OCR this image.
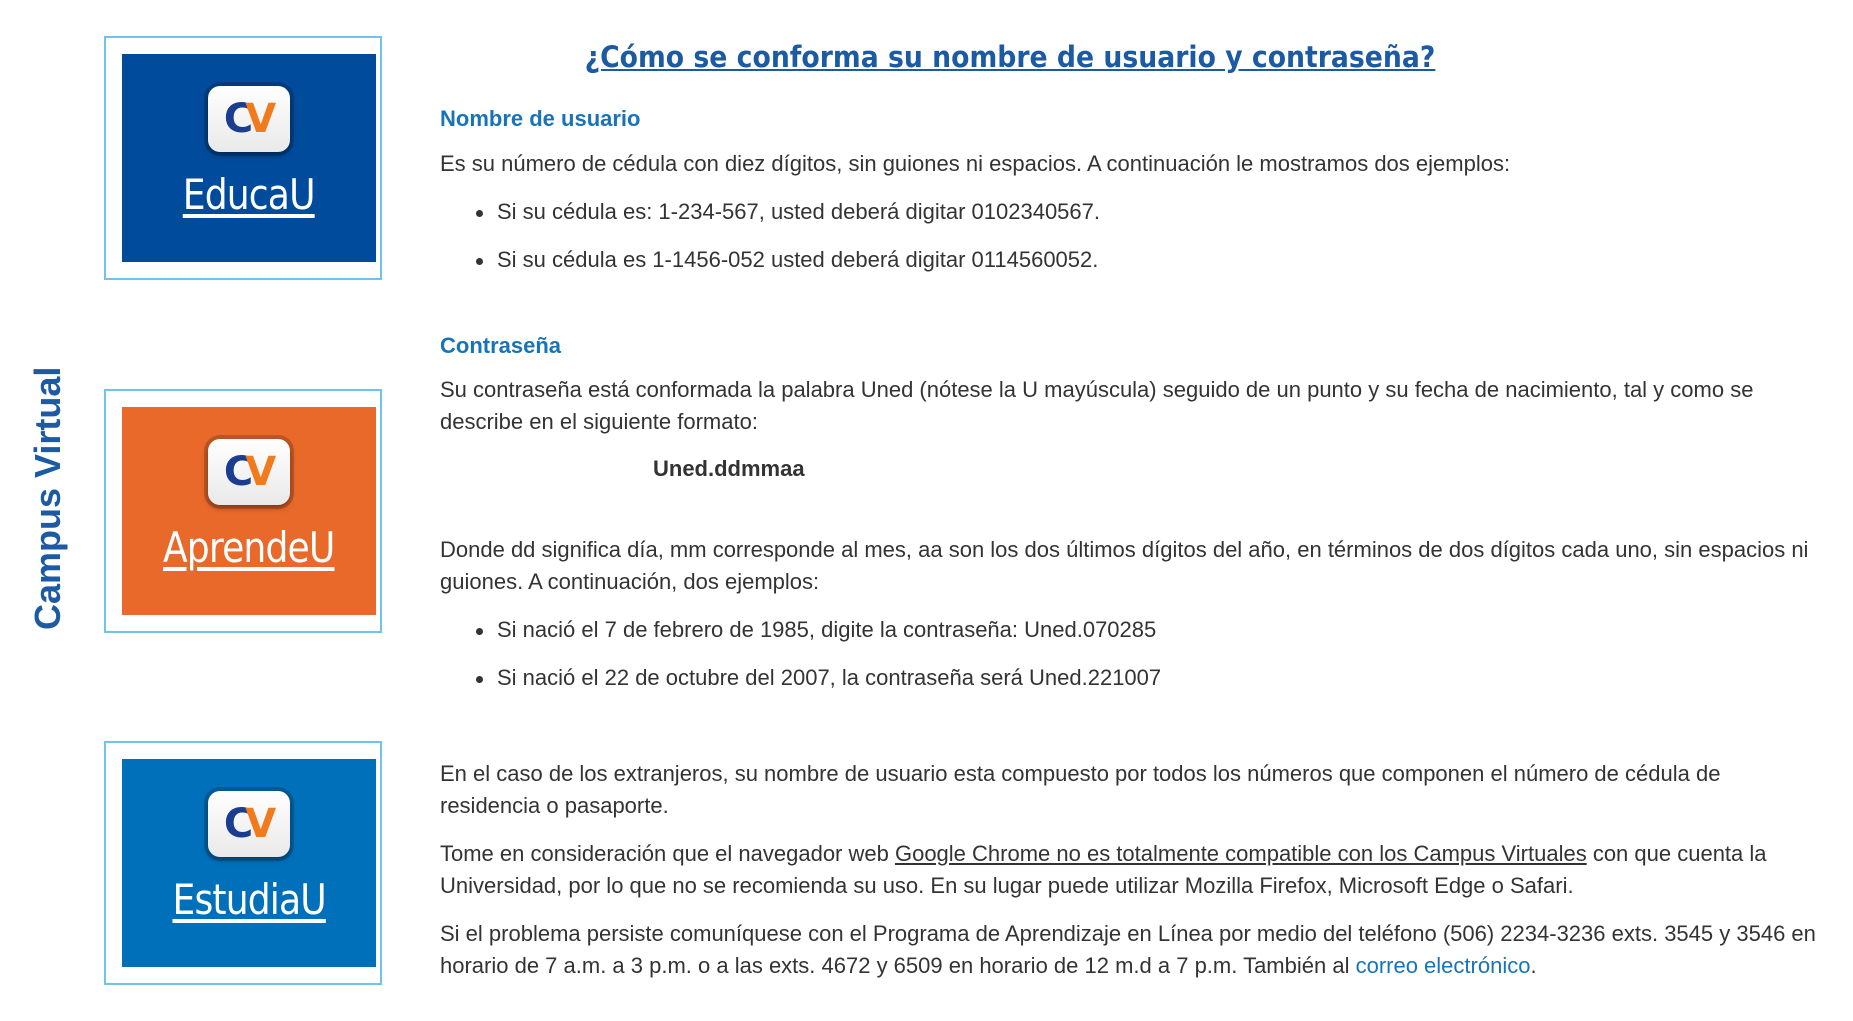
Campus Virtual
C V
EducaU
C V
AprendeU
C V
EstudiaU
¿Cómo se conforma su nombre de usuario y contraseña?
Nombre de usuario

Es su número de cédula con diez dígitos, sin guiones ni espacios. A continuación le mostramos dos ejemplos:

Si su cédula es: 1-234-567, usted deberá digitar 0102340567.
Si su cédula es 1-1456-052 usted deberá digitar 0114560052.
Contraseña

Su contraseña está conformada la palabra Uned (nótese la U mayúscula) seguido de un punto y su fecha de nacimiento, tal y como se describe en el siguiente formato:

Uned.ddmmaa

Donde dd significa día, mm corresponde al mes, aa son los dos últimos dígitos del año, en términos de dos dígitos cada uno, sin espacios ni guiones. A continuación, dos ejemplos:

Si nació el 7 de febrero de 1985, digite la contraseña: Uned.070285
Si nació el 22 de octubre del 2007, la contraseña será Uned.221007

En el caso de los extranjeros, su nombre de usuario esta compuesto por todos los números que componen el número de cédula de residencia o pasaporte.

Tome en consideración que el navegador web Google Chrome no es totalmente compatible con los Campus Virtuales con que cuenta la Universidad, por lo que no se recomienda su uso. En su lugar puede utilizar Mozilla Firefox, Microsoft Edge o Safari.

Si el problema persiste comuníquese con el Programa de Aprendizaje en Línea por medio del teléfono (506) 2234-3236 exts. 3545 y 3546 en horario de 7 a.m. a 3 p.m. o a las exts. 4672 y 6509 en horario de 12 m.d a 7 p.m. También al correo electrónico.
